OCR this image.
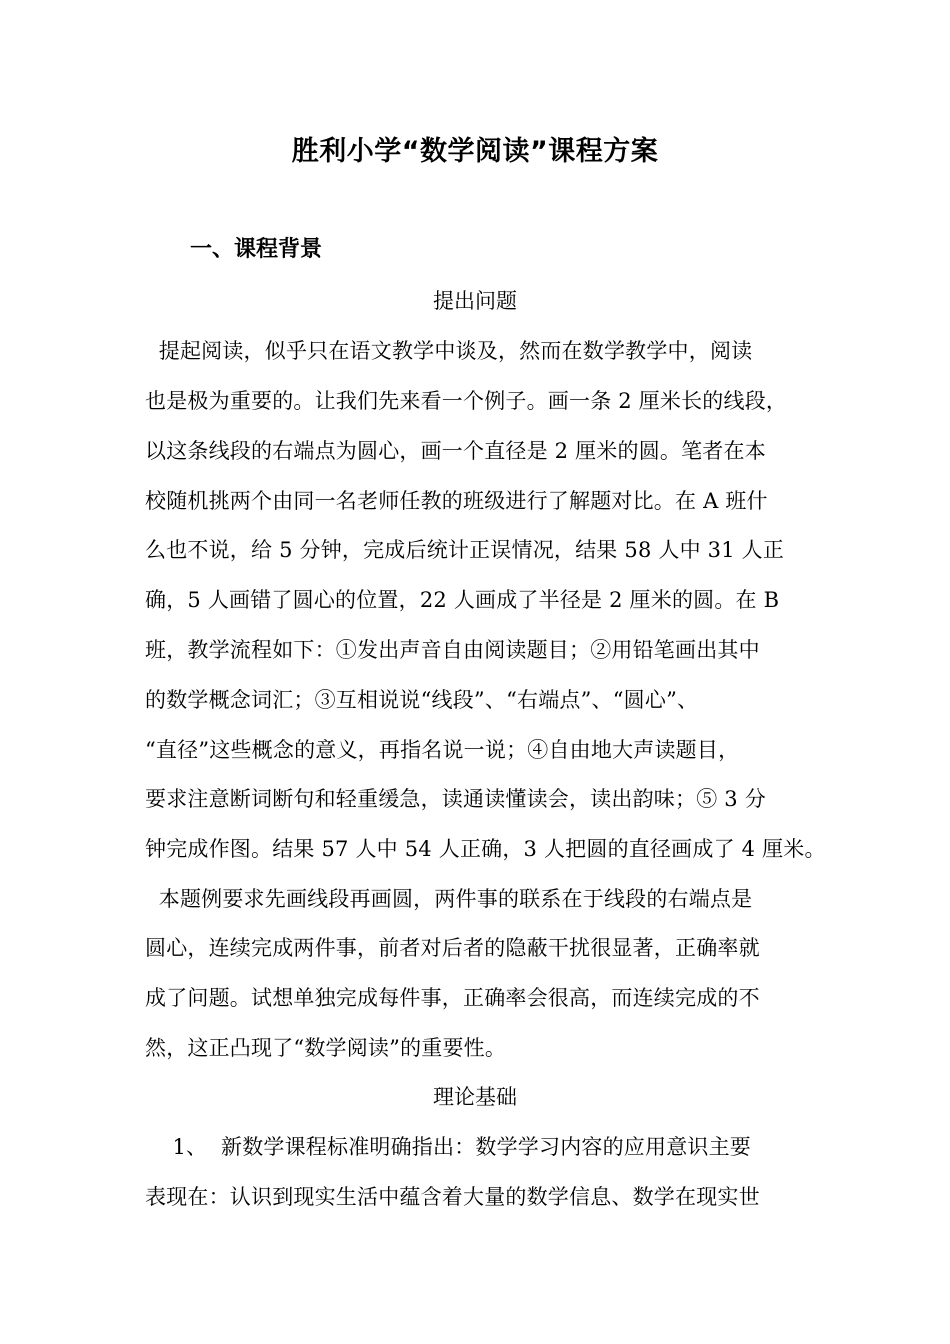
胜利小学“数学阅读”课程方案
一、课程背景
提出问题
提起阅读，似乎只在语文教学中谈及，然而在数学教学中，阅读
也是极为重要的。让我们先来看一个例子。画一条 2 厘米长的线段，
以这条线段的右端点为圆心，画一个直径是 2 厘米的圆。笔者在本
校随机挑两个由同一名老师任教的班级进行了解题对比。在 A 班什
么也不说，给 5 分钟，完成后统计正误情况，结果 58 人中 31 人正
确，5 人画错了圆心的位置，22 人画成了半径是 2 厘米的圆。在 B
班，教学流程如下：①发出声音自由阅读题目；②用铅笔画出其中
的数学概念词汇；③互相说说“线段”、“右端点”、“圆心”、
“直径”这些概念的意义，再指名说一说；④自由地大声读题目，
要求注意断词断句和轻重缓急，读通读懂读会，读出韵味；⑤ 3 分
钟完成作图。结果 57 人中 54 人正确，3 人把圆的直径画成了 4 厘米。
本题例要求先画线段再画圆，两件事的联系在于线段的右端点是
圆心，连续完成两件事，前者对后者的隐蔽干扰很显著，正确率就
成了问题。试想单独完成每件事，正确率会很高，而连续完成的不
然，这正凸现了“数学阅读”的重要性。
理论基础
1、  新数学课程标准明确指出：数学学习内容的应用意识主要
表现在：认识到现实生活中蕴含着大量的数学信息、数学在现实世
